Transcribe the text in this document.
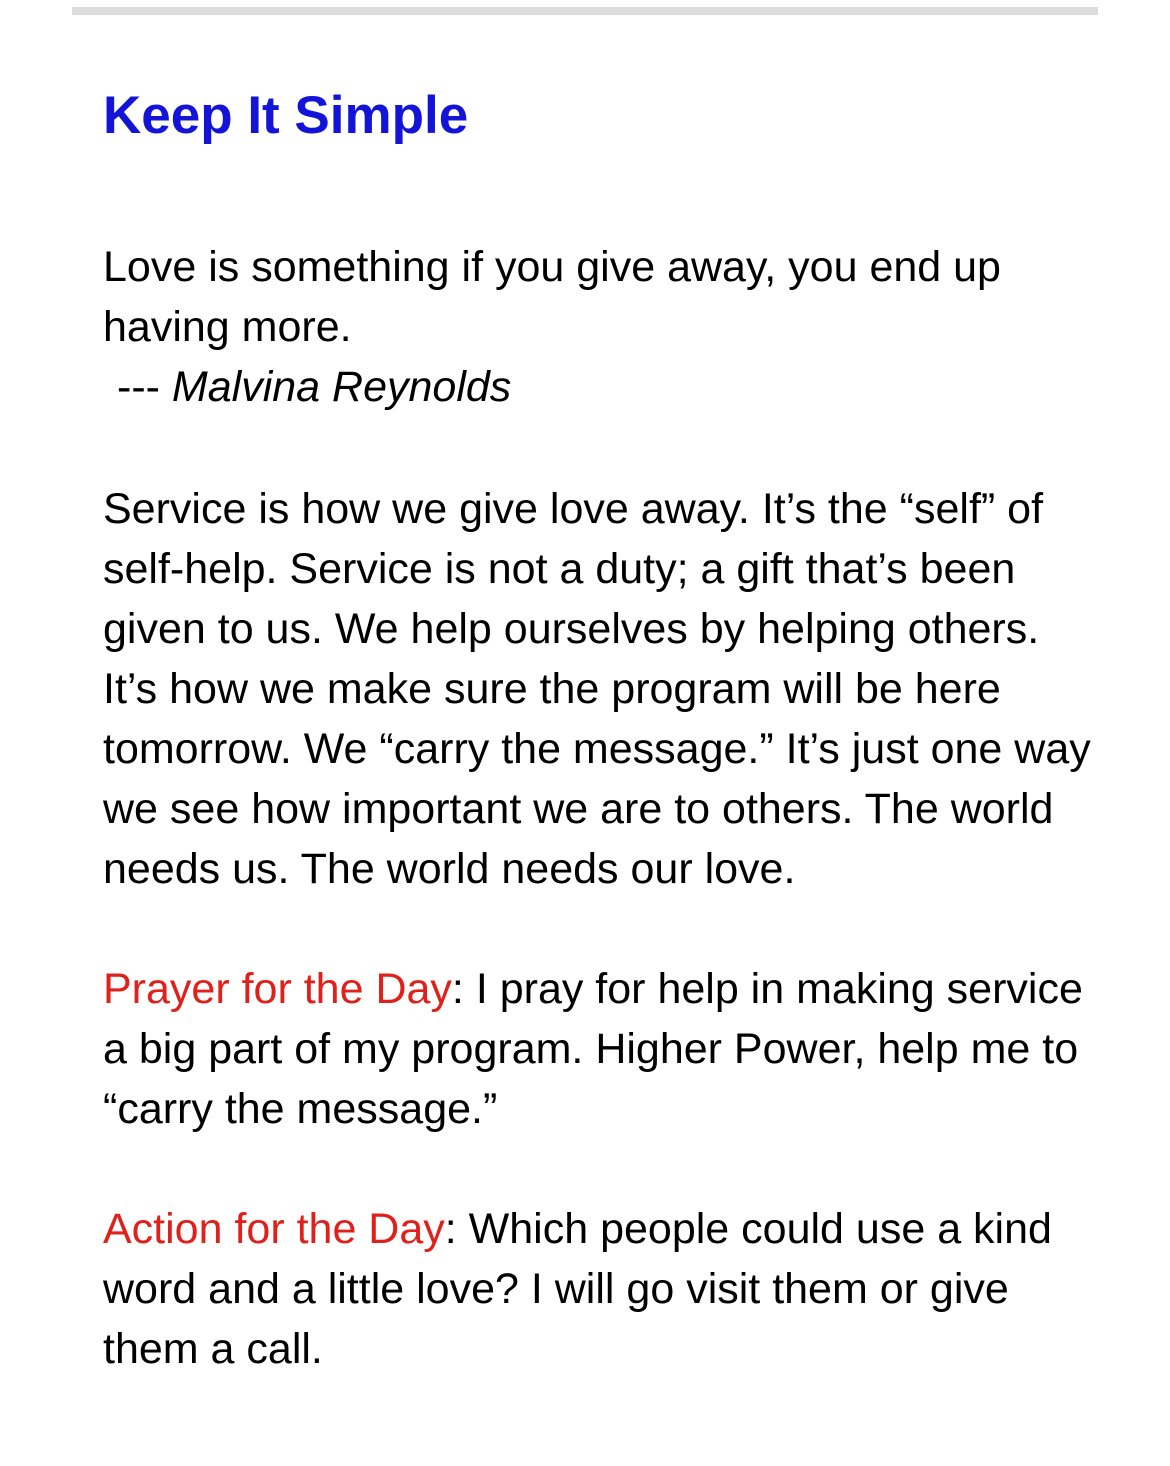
Keep It Simple

Love is something if you give away, you end up having more.
--- Malvina Reynolds

Service is how we give love away. It’s the “self” of self-help. Service is not a duty; a gift that’s been given to us. We help ourselves by helping others. It’s how we make sure the program will be here tomorrow. We “carry the message.” It’s just one way we see how important we are to others. The world needs us. The world needs our love.

Prayer for the Day: I pray for help in making service a big part of my program. Higher Power, help me to “carry the message.”

Action for the Day: Which people could use a kind word and a little love? I will go visit them or give them a call.
